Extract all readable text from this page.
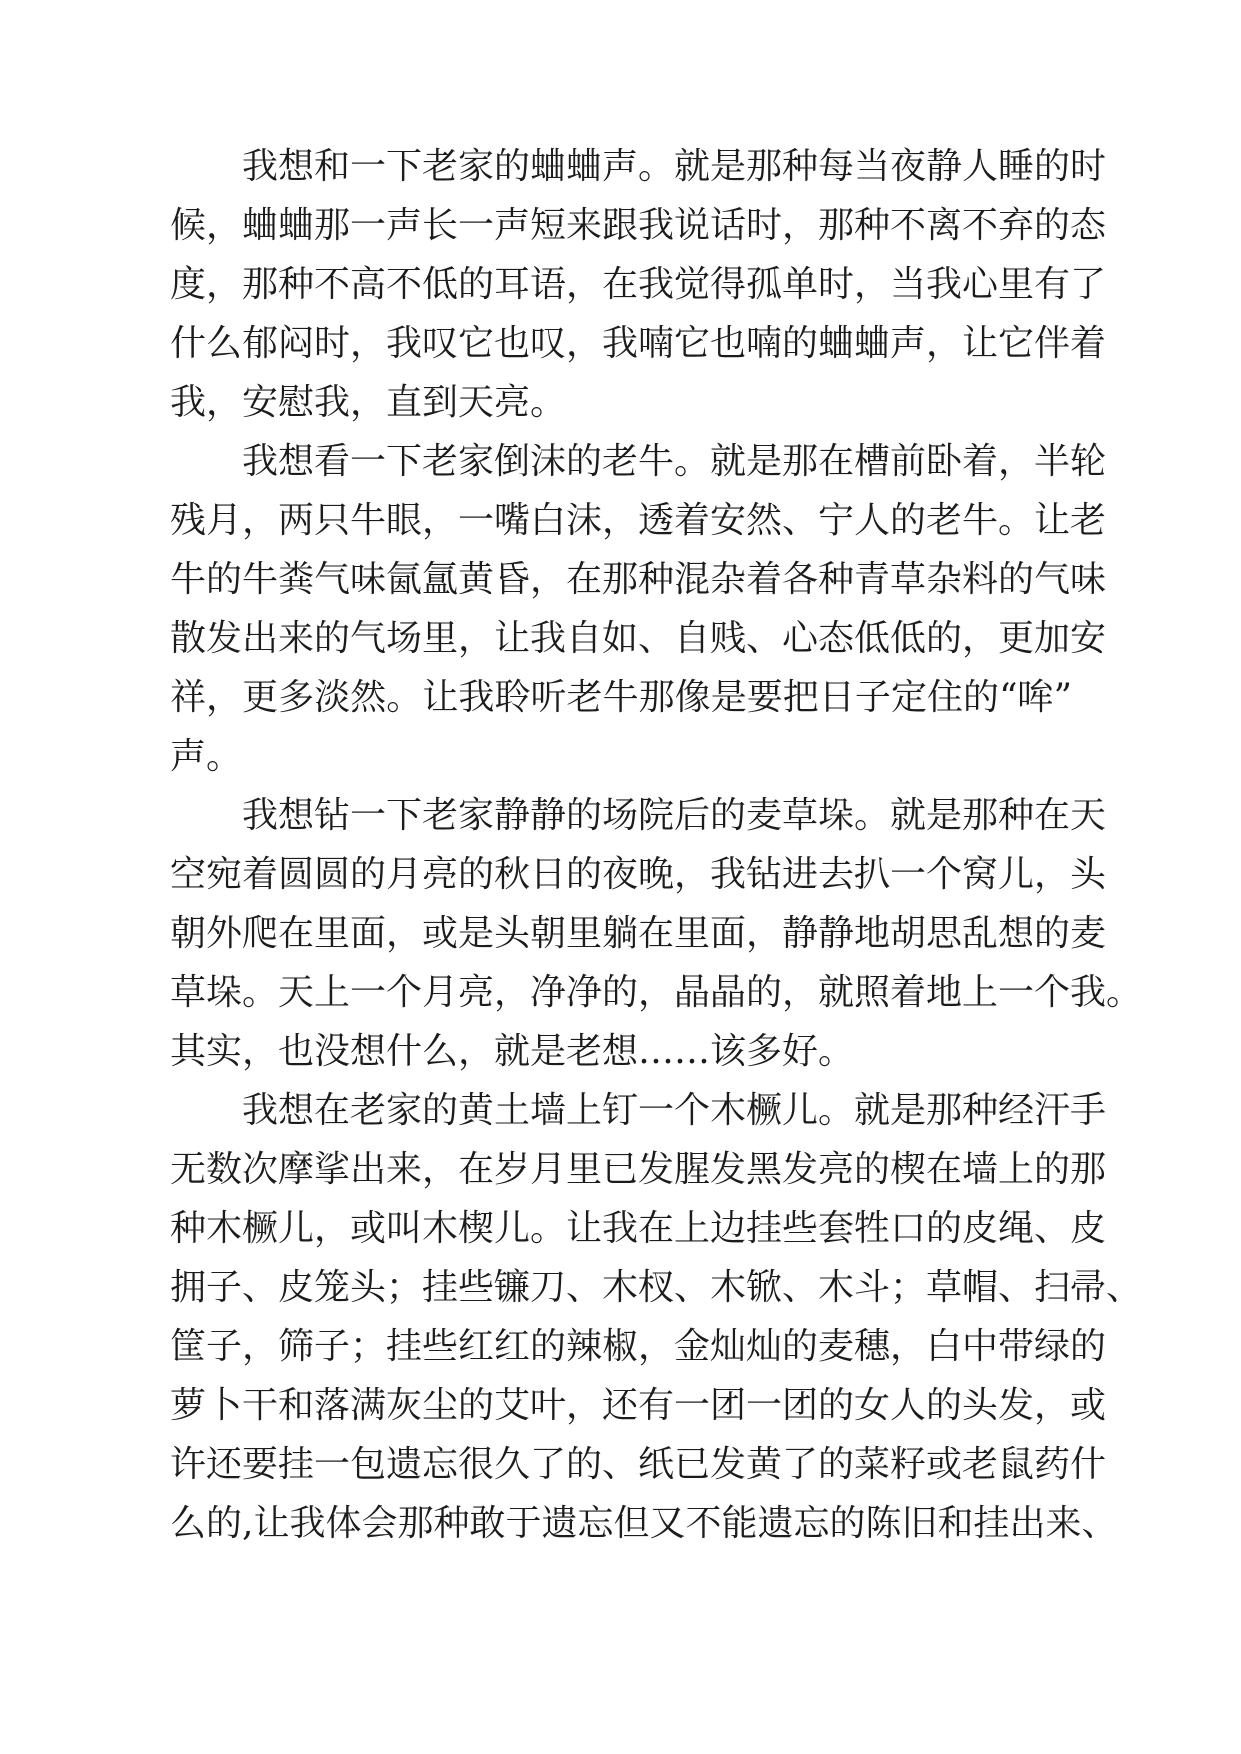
我想和一下老家的蛐蛐声。就是那种每当夜静人睡的时
候，蛐蛐那一声长一声短来跟我说话时，那种不离不弃的态
度，那种不高不低的耳语，在我觉得孤单时，当我心里有了
什么郁闷时，我叹它也叹，我喃它也喃的蛐蛐声，让它伴着
我，安慰我，直到天亮。
我想看一下老家倒沫的老牛。就是那在槽前卧着，半轮
残月，两只牛眼，一嘴白沫，透着安然、宁人的老牛。让老
牛的牛粪气味氤氲黄昏，在那种混杂着各种青草杂料的气味
散发出来的气场里，让我自如、自贱、心态低低的，更加安
祥，更多淡然。让我聆听老牛那像是要把日子定住的“哞”
声。
我想钻一下老家静静的场院后的麦草垛。就是那种在天
空宛着圆圆的月亮的秋日的夜晚，我钻进去扒一个窝儿，头
朝外爬在里面，或是头朝里躺在里面，静静地胡思乱想的麦
草垛。天上一个月亮，净净的，晶晶的，就照着地上一个我。
其实，也没想什么，就是老想……该多好。
我想在老家的黄土墙上钉一个木橛儿。就是那种经汗手
无数次摩挲出来，在岁月里已发腥发黑发亮的楔在墙上的那
种木橛儿，或叫木楔儿。让我在上边挂些套牲口的皮绳、皮
拥子、皮笼头；挂些镰刀、木杈、木锨、木斗；草帽、扫帚、
筐子，筛子；挂些红红的辣椒，金灿灿的麦穗，白中带绿的
萝卜干和落满灰尘的艾叶，还有一团一团的女人的头发，或
许还要挂一包遗忘很久了的、纸已发黄了的菜籽或老鼠药什
么的,让我体会那种敢于遗忘但又不能遗忘的陈旧和挂出来、
